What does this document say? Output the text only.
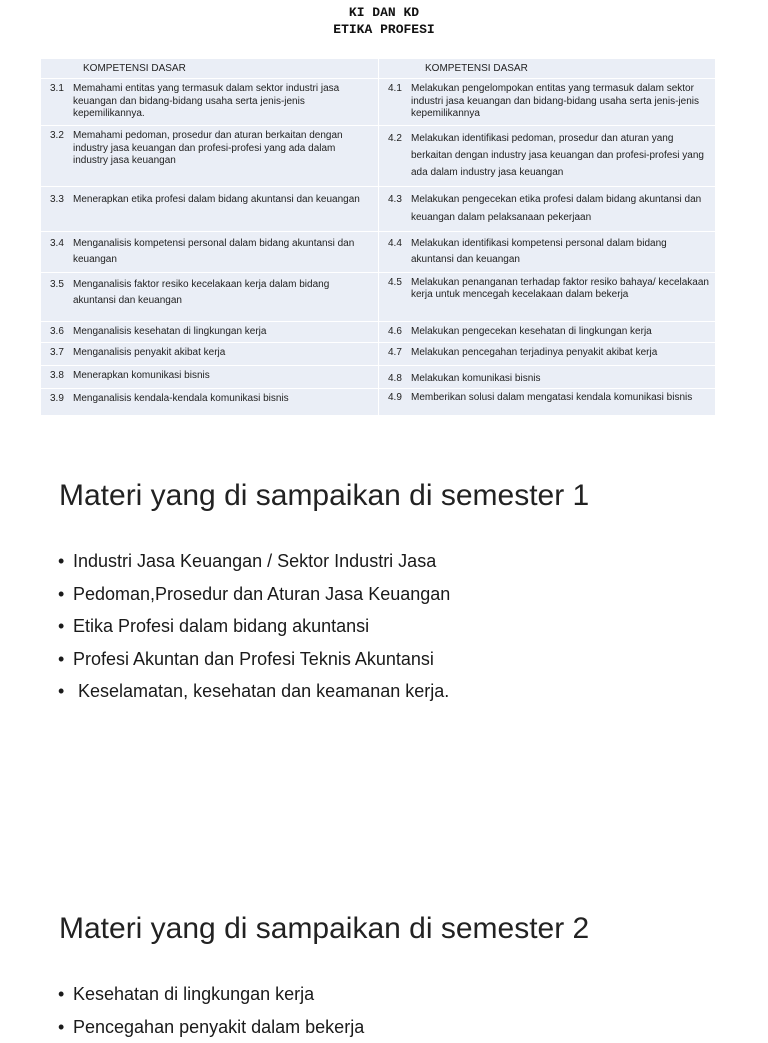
KI DAN KD
ETIKA PROFESI
KOMPETENSI DASAR	KOMPETENSI DASAR
3.1 Memahami entitas yang termasuk dalam sektor industri jasa keuangan dan bidang-bidang usaha serta jenis-jenis kepemilikannya.
4.1 Melakukan pengelompokan entitas yang termasuk dalam sektor industri jasa keuangan dan bidang-bidang usaha serta jenis-jenis kepemilikannya
3.2 Memahami pedoman, prosedur dan aturan berkaitan dengan industry jasa keuangan dan profesi-profesi yang ada dalam industry jasa keuangan
4.2 Melakukan identifikasi pedoman, prosedur dan aturan yang berkaitan dengan industry jasa keuangan dan profesi-profesi yang ada dalam industry jasa keuangan
3.3 Menerapkan etika profesi dalam bidang akuntansi dan keuangan	4.3 Melakukan pengecekan etika profesi dalam bidang akuntansi dan keuangan dalam pelaksanaan pekerjaan
3.4 Menganalisis kompetensi personal dalam bidang akuntansi dan keuangan
4.4 Melakukan identifikasi kompetensi personal dalam bidang akuntansi dan keuangan
3.5 Menganalisis faktor resiko kecelakaan kerja dalam bidang akuntansi dan keuangan
4.5 Melakukan penanganan terhadap faktor resiko bahaya/ kecelakaan kerja untuk mencegah kecelakaan dalam bekerja
3.6 Menganalisis kesehatan di lingkungan kerja	4.6 Melakukan pengecekan kesehatan di lingkungan kerja
3.7 Menganalisis penyakit akibat kerja	4.7 Melakukan pencegahan terjadinya penyakit akibat kerja
3.8 Menerapkan komunikasi bisnis	4.8 Melakukan komunikasi bisnis
3.9 Menganalisis kendala-kendala komunikasi bisnis	4.9 Memberikan solusi dalam mengatasi kendala komunikasi bisnis
Materi yang di sampaikan di semester 1
• Industri Jasa Keuangan / Sektor Industri Jasa
• Pedoman,Prosedur dan Aturan Jasa Keuangan
• Etika Profesi dalam bidang akuntansi
• Profesi Akuntan dan Profesi Teknis Akuntansi
• Keselamatan, kesehatan dan keamanan kerja.
Materi yang di sampaikan di semester 2
• Kesehatan di lingkungan kerja
• Pencegahan penyakit dalam bekerja
